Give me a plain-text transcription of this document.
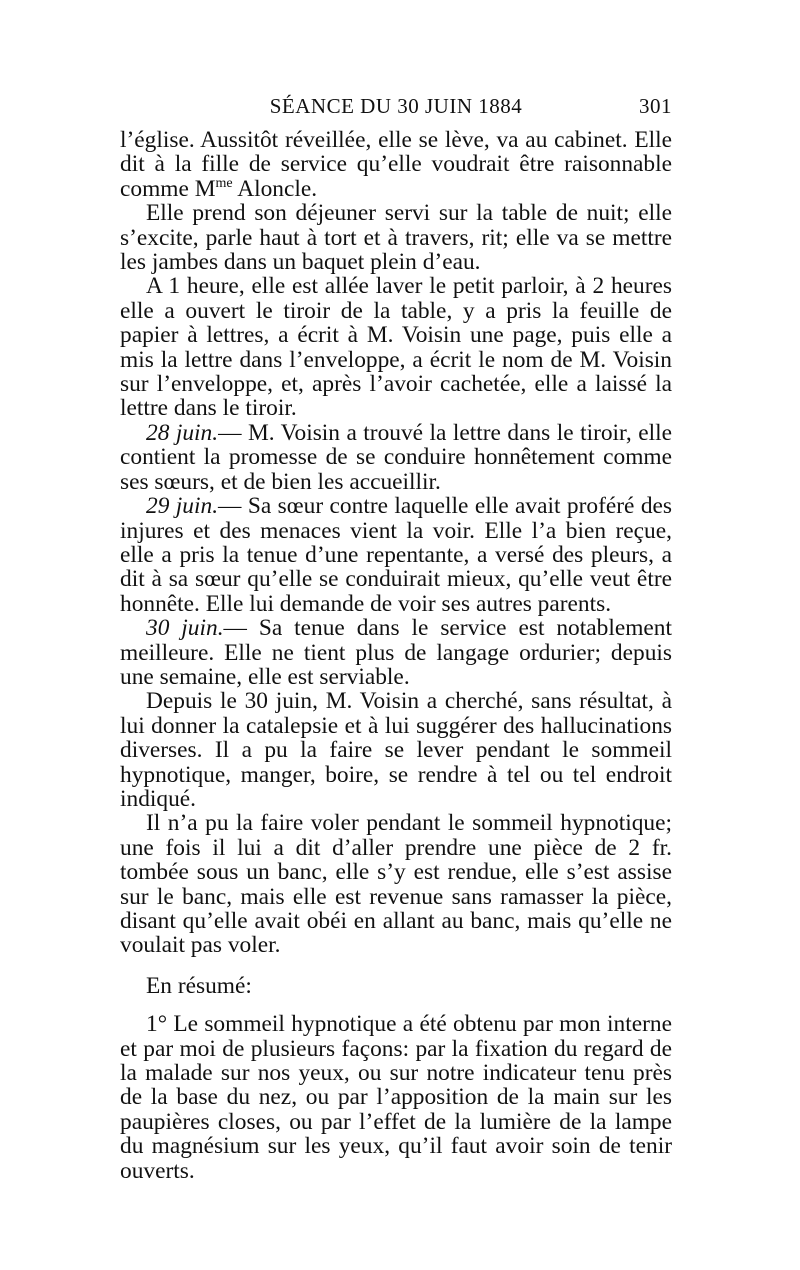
SÉANCE DU 30 JUIN 1884	301

l’église. Aussitôt réveillée, elle se lève, va au cabinet. Elle dit à la fille de service qu’elle voudrait être raisonnable comme $M^{me}$ Aloncle.

Elle prend son déjeuner servi sur la table de nuit; elle s’excite, parle haut à tort et à travers, rit; elle va se mettre les jambes dans un baquet plein d’eau.

A 1 heure, elle est allée laver le petit parloir, à 2 heures elle a ouvert le tiroir de la table, y a pris la feuille de papier à lettres, a écrit à M. Voisin une page, puis elle a mis la lettre dans l’enveloppe, a écrit le nom de M. Voisin sur l’enveloppe, et, après l’avoir cachetée, elle a laissé la lettre dans le tiroir.

28 juin.— M. Voisin a trouvé la lettre dans le tiroir, elle contient la promesse de se conduire honnêtement comme ses sœurs, et de bien les accueillir.

29 juin.— Sa sœur contre laquelle elle avait proféré des injures et des menaces vient la voir. Elle l’a bien reçue, elle a pris la tenue d’une repentante, a versé des pleurs, a dit à sa sœur qu’elle se conduirait mieux, qu’elle veut être honnête. Elle lui demande de voir ses autres parents.

30 juin.— Sa tenue dans le service est notablement meilleure. Elle ne tient plus de langage ordurier; depuis une semaine, elle est serviable.

Depuis le 30 juin, M. Voisin a cherché, sans résultat, à lui donner la catalepsie et à lui suggérer des hallucinations diverses. Il a pu la faire se lever pendant le sommeil hypnotique, manger, boire, se rendre à tel ou tel endroit indiqué.

Il n’a pu la faire voler pendant le sommeil hypnotique; une fois il lui a dit d’aller prendre une pièce de 2 fr. tombée sous un banc, elle s’y est rendue, elle s’est assise sur le banc, mais elle est revenue sans ramasser la pièce, disant qu’elle avait obéi en allant au banc, mais qu’elle ne voulait pas voler.

En résumé:

1° Le sommeil hypnotique a été obtenu par mon interne et par moi de plusieurs façons: par la fixation du regard de la malade sur nos yeux, ou sur notre indicateur tenu près de la base du nez, ou par l’apposition de la main sur les paupières closes, ou par l’effet de la lumière de la lampe du magnésium sur les yeux, qu’il faut avoir soin de tenir ouverts.
